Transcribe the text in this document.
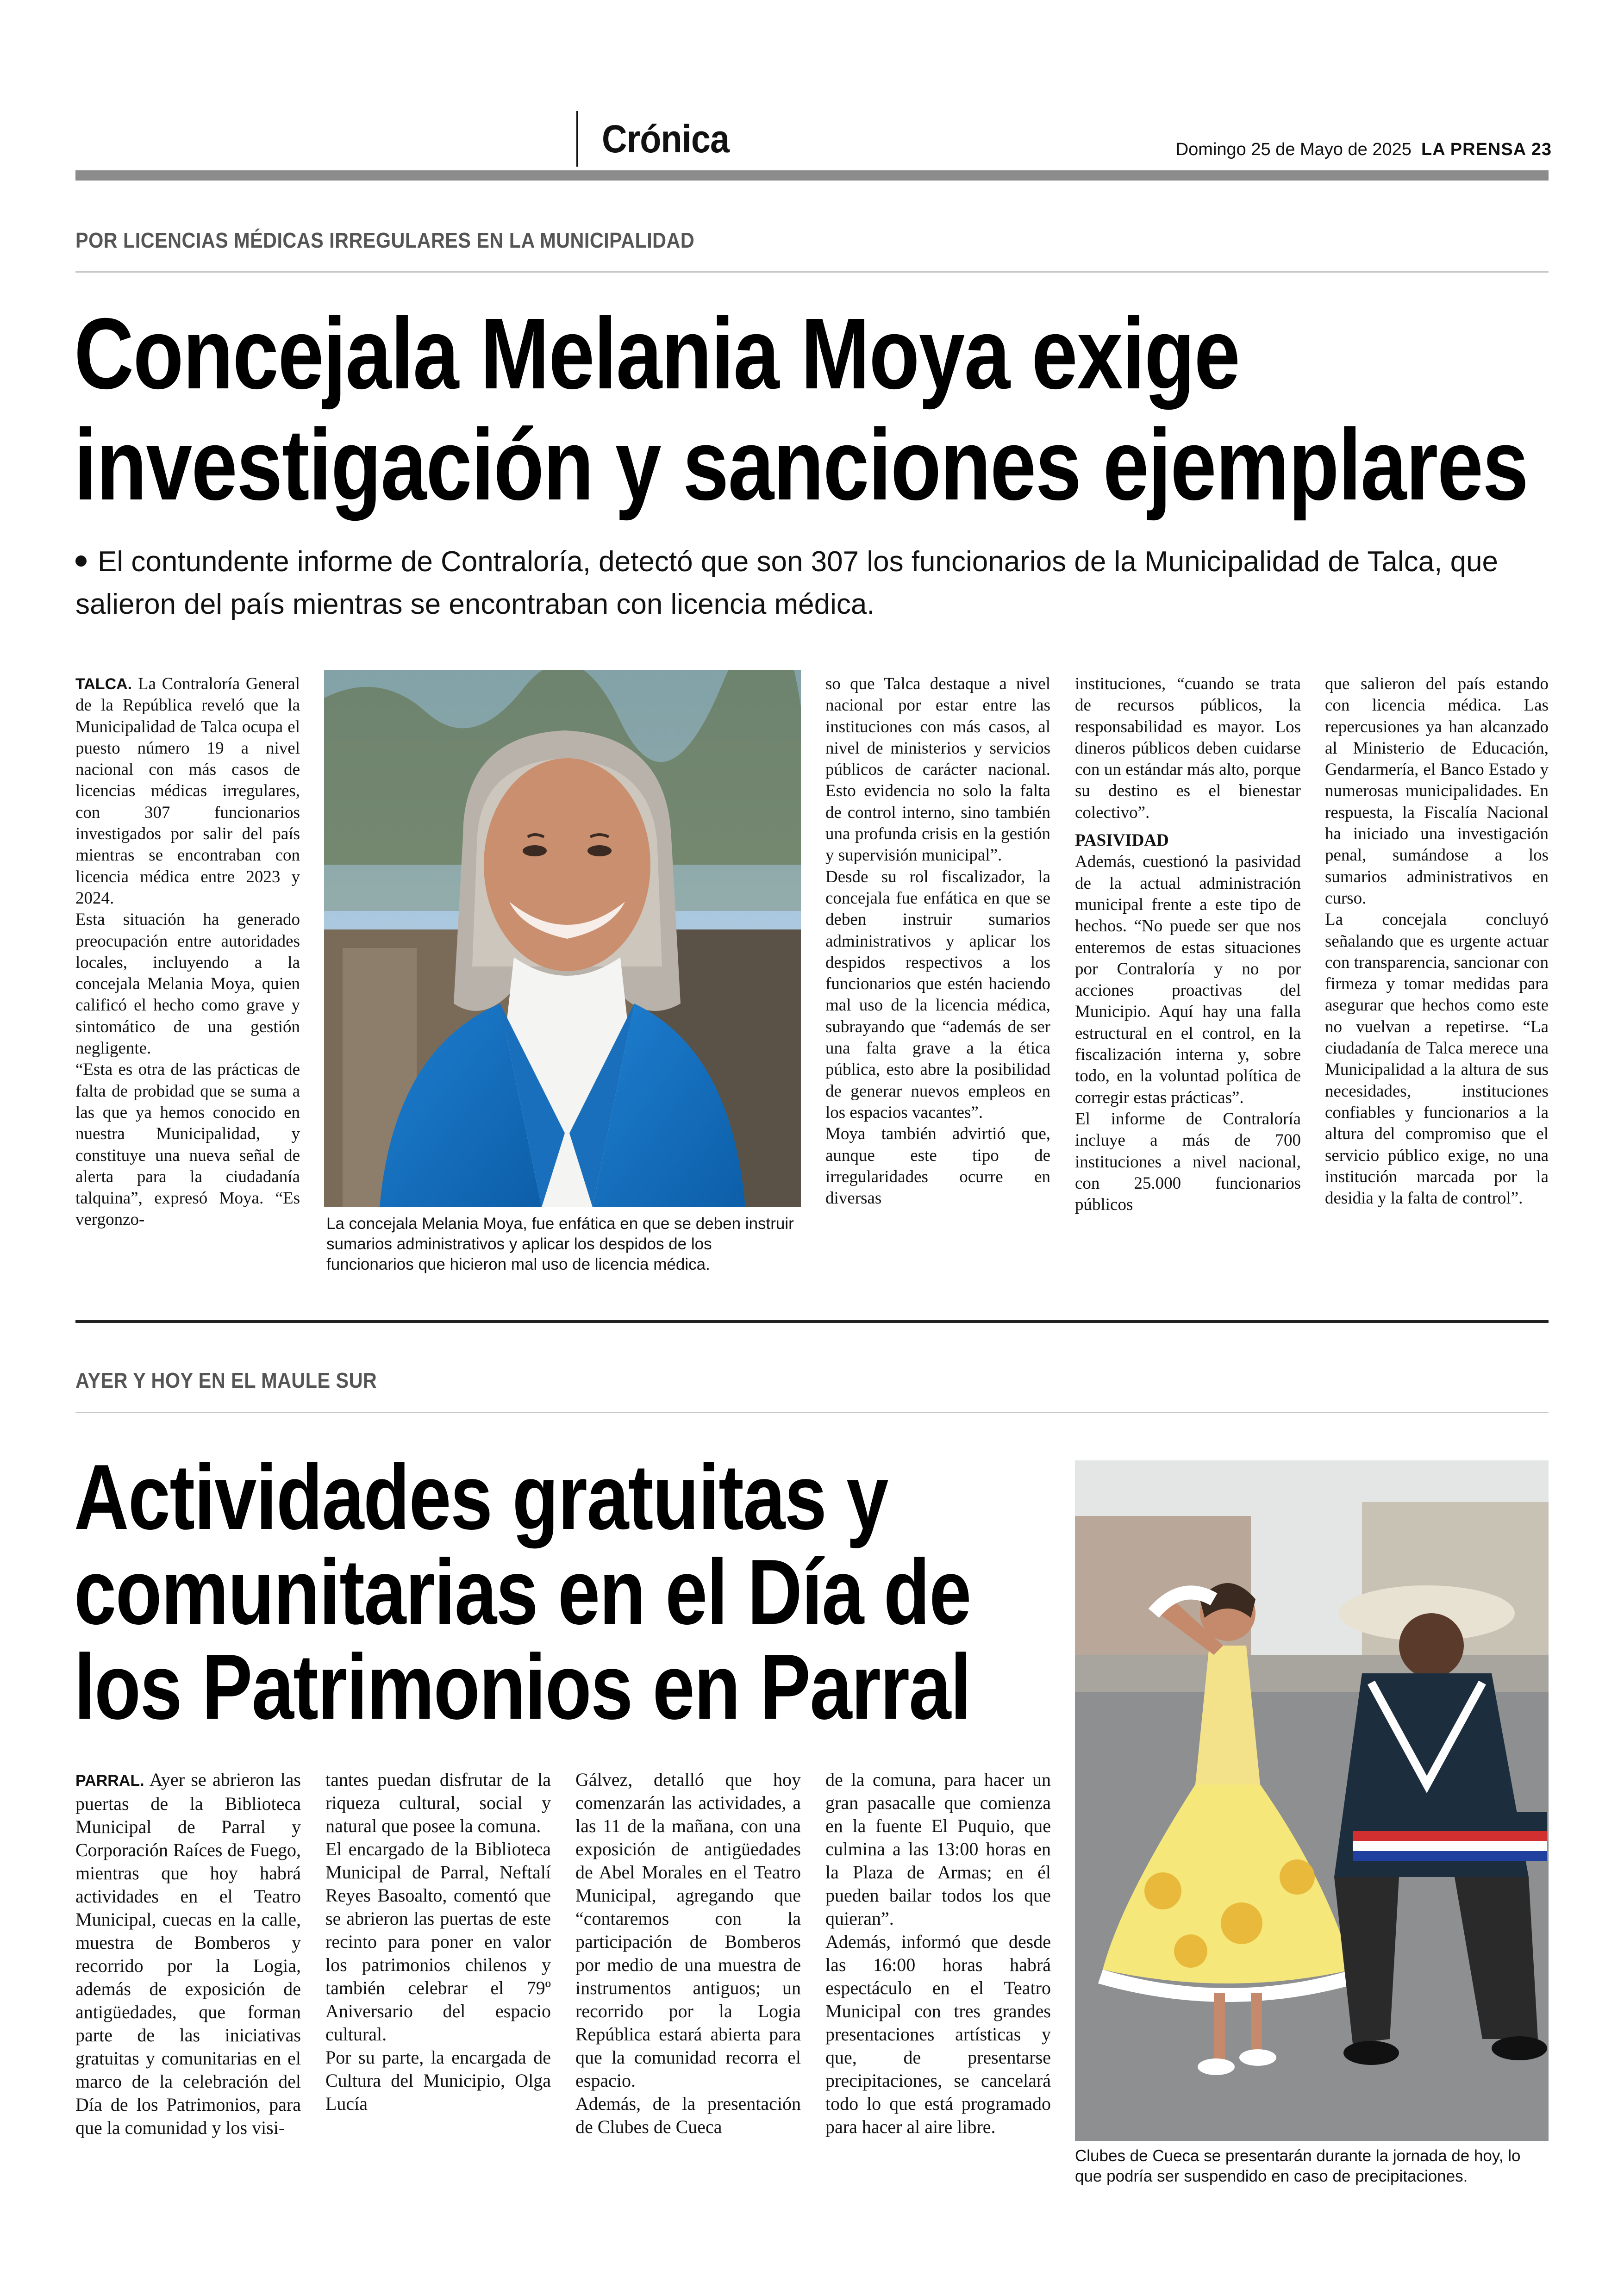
Crónica	Domingo 25 de Mayo de 2025 LA PRENSA 23
POR LICENCIAS MÉDICAS IRREGULARES EN LA MUNICIPALIDAD
Concejala Melania Moya exige
investigación y sanciones ejemplares
El contundente informe de Contraloría, detectó que son 307 los funcionarios de la Municipalidad de Talca, que salieron del país mientras se encontraban con licencia médica.

TALCA. La Contraloría General de la República reveló que la Municipalidad de Talca ocupa el puesto número 19 a nivel nacional con más casos de licencias médicas irregulares, con 307 funcionarios investigados por salir del país mientras se encontraban con licencia médica entre 2023 y 2024.

Esta situación ha generado preocupación entre autoridades locales, incluyendo a la concejala Melania Moya, quien calificó el hecho como grave y sintomático de una gestión negligente.

“Esta es otra de las prácticas de falta de probidad que se suma a las que ya hemos conocido en nuestra Municipalidad, y constituye una nueva señal de alerta para la ciudadanía talquina”, expresó Moya. “Es vergonzo-	La concejala Melania Moya, fue enfática en que se deben instruir sumarios administrativos y aplicar los despidos de los funcionarios que hicieron mal uso de licencia médica.

so que Talca destaque a nivel nacional por estar entre las instituciones con más casos, al nivel de ministerios y servicios públicos de carácter nacional. Esto evidencia no solo la falta de control interno, sino también una profunda crisis en la gestión y supervisión municipal”.

Desde su rol fiscalizador, la concejala fue enfática en que se deben instruir sumarios administrativos y aplicar los despidos respectivos a los funcionarios que estén haciendo mal uso de la licencia médica, subrayando que “además de ser una falta grave a la ética pública, esto abre la posibilidad de generar nuevos empleos en los espacios vacantes”.

Moya también advirtió que, aunque este tipo de irregularidades ocurre en diversas

instituciones, “cuando se trata de recursos públicos, la responsabilidad es mayor. Los dineros públicos deben cuidarse con un estándar más alto, porque su destino es el bienestar colectivo”.

PASIVIDAD

Además, cuestionó la pasividad de la actual administración municipal frente a este tipo de hechos. “No puede ser que nos enteremos de estas situaciones por Contraloría y no por acciones proactivas del Municipio. Aquí hay una falla estructural en el control, en la fiscalización interna y, sobre todo, en la voluntad política de corregir estas prácticas”.

El informe de Contraloría incluye a más de 700 instituciones a nivel nacional, con 25.000 funcionarios públicos

que salieron del país estando con licencia médica. Las repercusiones ya han alcanzado al Ministerio de Educación, Gendarmería, el Banco Estado y numerosas municipalidades. En respuesta, la Fiscalía Nacional ha iniciado una investigación penal, sumándose a los sumarios administrativos en curso.

La concejala concluyó señalando que es urgente actuar con transparencia, sancionar con firmeza y tomar medidas para asegurar que hechos como este no vuelvan a repetirse. “La ciudadanía de Talca merece una Municipalidad a la altura de sus necesidades, instituciones confiables y funcionarios a la altura del compromiso que el servicio público exige, no una institución marcada por la desidia y la falta de control”.

AYER Y HOY EN EL MAULE SUR
Actividades gratuitas y
comunitarias en el Día de
los Patrimonios en Parral

PARRAL. Ayer se abrieron las puertas de la Biblioteca Municipal de Parral y Corporación Raíces de Fuego, mientras que hoy habrá actividades en el Teatro Municipal, cuecas en la calle, muestra de Bomberos y recorrido por la Logia, además de exposición de antigüedades, que forman parte de las iniciativas gratuitas y comunitarias en el marco de la celebración del Día de los Patrimonios, para que la comunidad y los visi-

tantes puedan disfrutar de la riqueza cultural, social y natural que posee la comuna.

El encargado de la Biblioteca Municipal de Parral, Neftalí Reyes Basoalto, comentó que se abrieron las puertas de este recinto para poner en valor los patrimonios chilenos y también celebrar el 79º Aniversario del espacio cultural.

Por su parte, la encargada de Cultura del Municipio, Olga Lucía

Gálvez, detalló que hoy comenzarán las actividades, a las 11 de la mañana, con una exposición de antigüedades de Abel Morales en el Teatro Municipal, agregando que “contaremos con la participación de Bomberos por medio de una muestra de instrumentos antiguos; un recorrido por la Logia República estará abierta para que la comunidad recorra el espacio.

Además, de la presentación de Clubes de Cueca

de la comuna, para hacer un gran pasacalle que comienza en la fuente El Puquio, que culmina a las 13:00 horas en la Plaza de Armas; en él pueden bailar todos los que quieran”.

Además, informó que desde las 16:00 horas habrá espectáculo en el Teatro Municipal con tres grandes presentaciones artísticas y que, de presentarse precipitaciones, se cancelará todo lo que está programado para hacer al aire libre.

Clubes de Cueca se presentarán durante la jornada de hoy, lo que podría ser suspendido en caso de precipitaciones.
